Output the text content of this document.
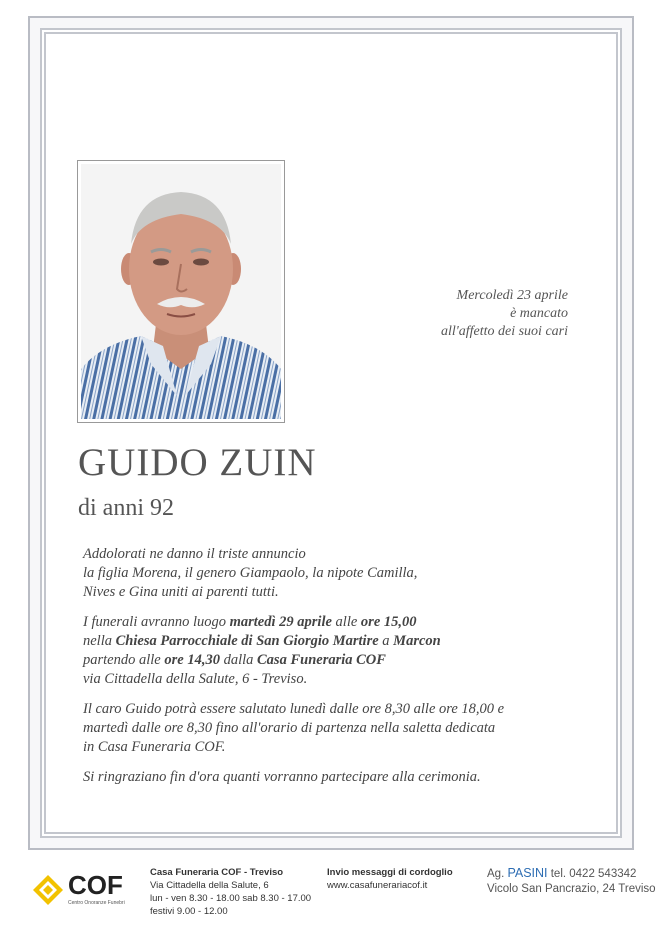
Mercoledì 23 aprile
è mancato
all'affetto dei suoi cari
GUIDO ZUIN
di anni 92

Addolorati ne danno il triste annuncio
la figlia Morena, il genero Giampaolo, la nipote Camilla,
Nives e Gina uniti ai parenti tutti.

I funerali avranno luogo martedì 29 aprile alle ore 15,00
nella Chiesa Parrocchiale di San Giorgio Martire a Marcon
partendo alle ore 14,30 dalla Casa Funeraria COF
via Cittadella della Salute, 6 - Treviso.

Il caro Guido potrà essere salutato lunedì dalle ore 8,30 alle ore 18,00 e
martedì dalle ore 8,30 fino all'orario di partenza nella saletta dedicata
in Casa Funeraria COF.

Si ringraziano fin d'ora quanti vorranno partecipare alla cerimonia.

COF
Centro Onoranze Funebri
Casa Funeraria COF - Treviso
Via Cittadella della Salute, 6
lun - ven 8.30 - 18.00 sab 8.30 - 17.00
festivi 9.00 - 12.00
Invio messaggi di cordoglio
www.casafunerariacof.it
Ag. PASINI tel. 0422 543342
Vicolo San Pancrazio, 24 Treviso
